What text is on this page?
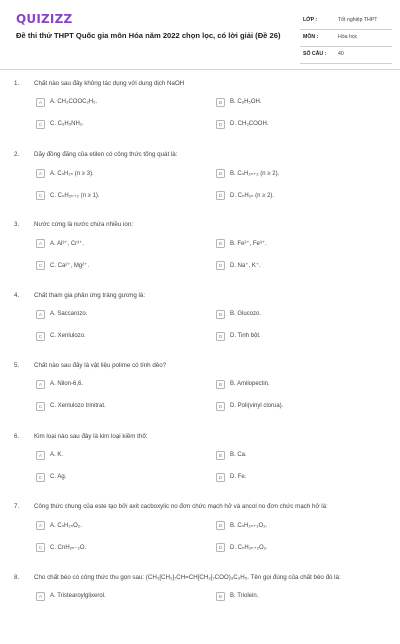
QUIZIZZ
Đề thi thử THPT Quốc gia môn Hóa năm 2022 chọn lọc, có lời giải (Đề 26)
LỚP :	Tốt nghiệp THPT
MÔN :	Hóa học
SỐ CÂU : 40
1. Chất nào sau đây không tác dụng với dung dịch NaOH
A	A. CH₃COOC₂H₅.	B	B. C₆H₅OH.
C	C. C₆H₅NH₂.	D	D. CH₃COOH.
2. Dãy đồng đẳng của etilen có công thức tổng quát là:
A	A. CₙH₂ₙ (n ≥ 3).	B	B. CₙH₂ₙ₊₂ (n ≥ 2).
C	C. CₙH₂ₙ₊₂ (n ≥ 1).	D	D. CₙH₂ₙ (n ≥ 2).
3. Nước cứng là nước chứa nhiều ion:
A	A. Al³⁺, Cr³⁺.	B	B. Fe²⁺, Fe³⁺.
C	C. Ca²⁺, Mg²⁺.	D	D. Na⁺, K⁺.
4. Chất tham gia phản ứng tráng gương là:
A	A. Saccarozo.	B	B. Glucozo.
C	C. Xenlulozo.	D	D. Tinh bột.
5. Chất nào sau đây là vật liệu polime có tính dẻo?
A	A. Nilon-6,6.	B	B. Amilopectin.
C	C. Xenlulozo trinitrat.	D	D. Poli(vinyl clorua).
6. Kim loại nào sau đây là kim loại kiềm thổ:
A	A. K.	B	B. Ca.
C	C. Ag.	D	D. Fe.
7. Công thức chung của este tạo bởi axit cacboxylic no đơn chức mạch hở và ancol no đơn chức mạch hở là:
A	A. CₙH₂ₙO₂.	B	B. CₙH₂ₙ₊₂O₂.
C	C. CnH₂ₙ₋₂O.	D	D. CₙH₂ₙ₊₂O₂.
8. Cho chất béo có công thức thu gọn sau: (CH₃[CH₂]₇CH=CH[CH₂]₇COO)₃C₃H₅. Tên gọi đúng của chất béo đó là:
A	A. Tristearoylglixerol.	B	B. Triolein.
